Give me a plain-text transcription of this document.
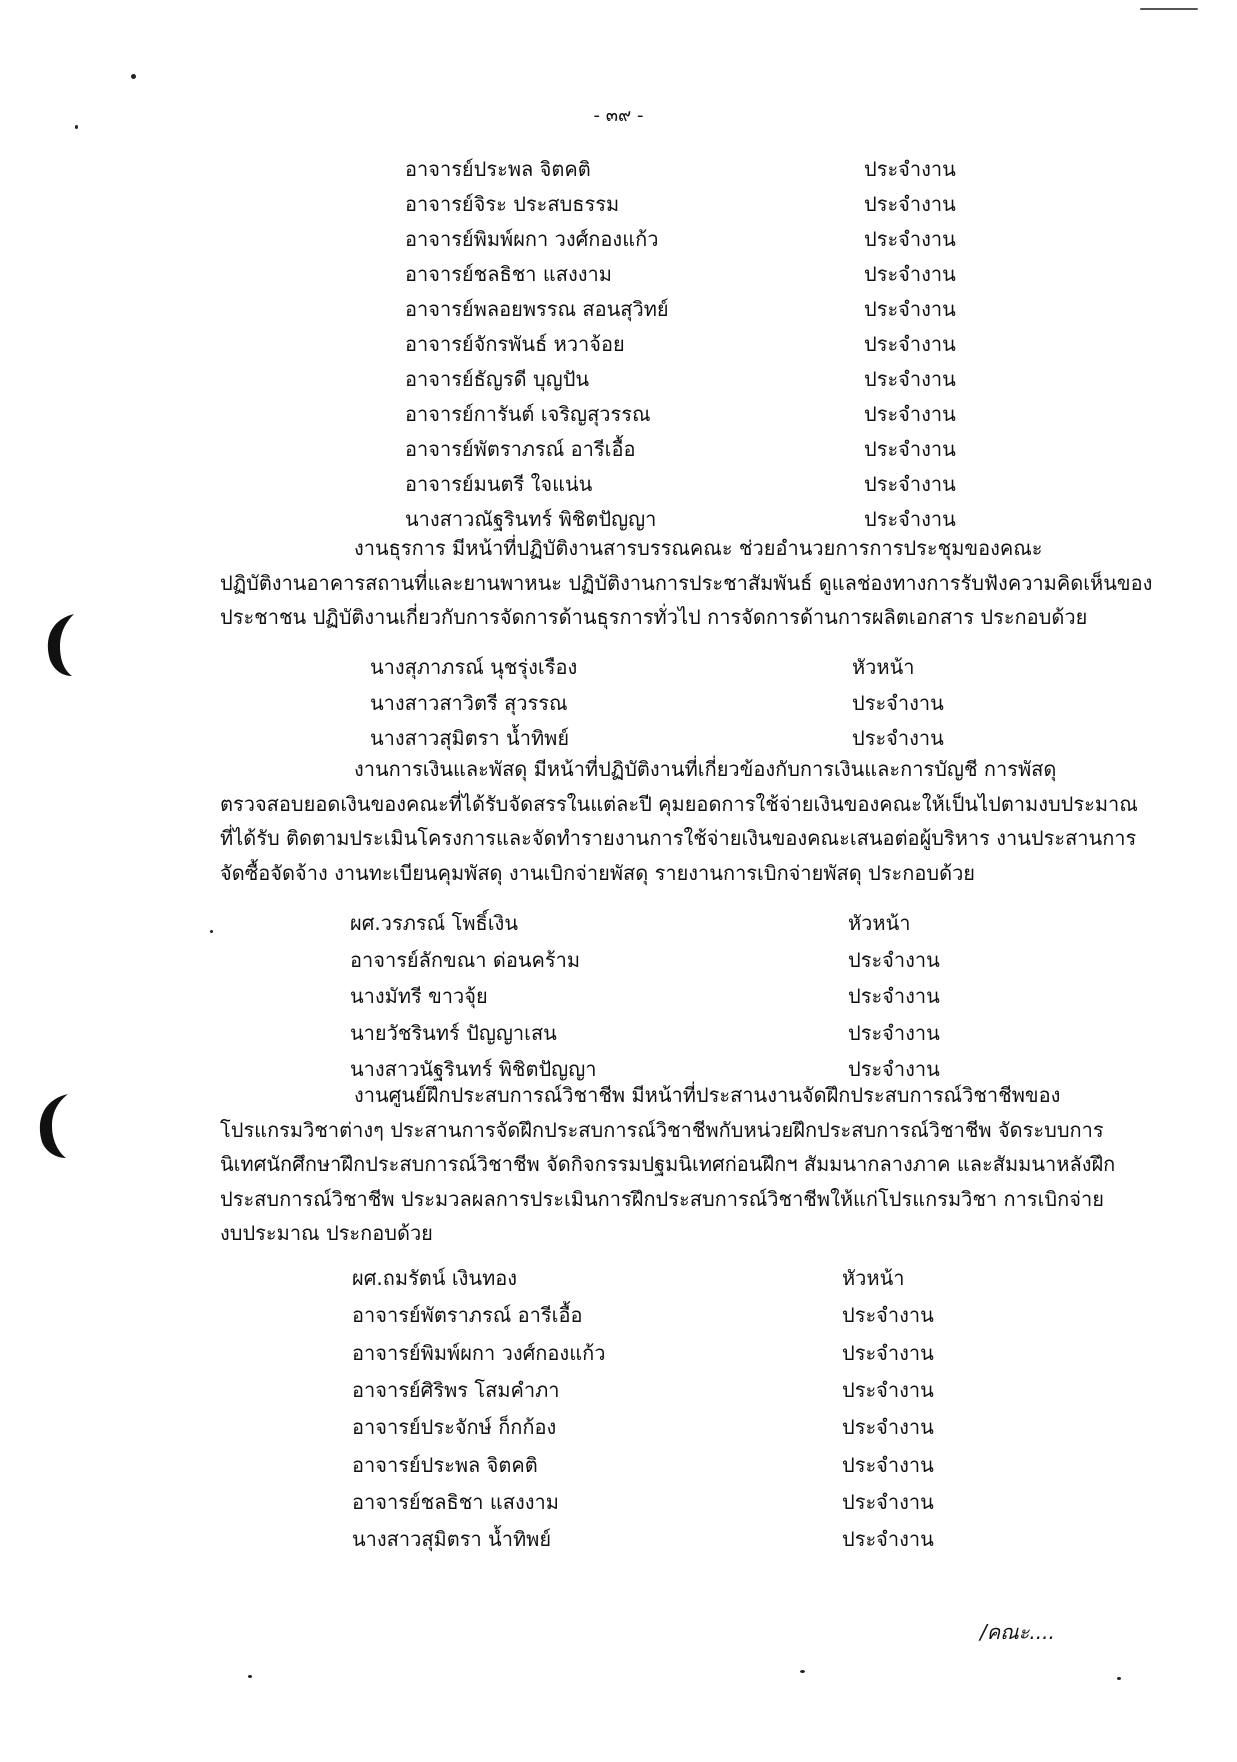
- ๓๙ -
อาจารย์ประพล จิตคติ	ประจำงาน
อาจารย์จิระ ประสบธรรม	ประจำงาน
อาจารย์พิมพ์ผกา วงศ์กองแก้ว	ประจำงาน
อาจารย์ชลธิชา แสงงาม	ประจำงาน
อาจารย์พลอยพรรณ สอนสุวิทย์	ประจำงาน
อาจารย์จักรพันธ์ หวาจ้อย	ประจำงาน
อาจารย์ธัญรดี บุญปัน	ประจำงาน
อาจารย์การันต์ เจริญสุวรรณ	ประจำงาน
อาจารย์พัตราภรณ์ อารีเอื้อ	ประจำงาน
อาจารย์มนตรี ใจแน่น	ประจำงาน
นางสาวณัฐรินทร์ พิชิตปัญญา	ประจำงาน
งานธุรการ มีหน้าที่ปฏิบัติงานสารบรรณคณะ ช่วยอำนวยการการประชุมของคณะ
ปฏิบัติงานอาคารสถานที่และยานพาหนะ ปฏิบัติงานการประชาสัมพันธ์ ดูแลช่องทางการรับฟังความคิดเห็นของ
ประชาชน ปฏิบัติงานเกี่ยวกับการจัดการด้านธุรการทั่วไป การจัดการด้านการผลิตเอกสาร ประกอบด้วย
นางสุภาภรณ์ นุชรุ่งเรือง	หัวหน้า
นางสาวสาวิตรี สุวรรณ	ประจำงาน
นางสาวสุมิตรา น้ำทิพย์	ประจำงาน
งานการเงินและพัสดุ มีหน้าที่ปฏิบัติงานที่เกี่ยวข้องกับการเงินและการบัญชี การพัสดุ
ตรวจสอบยอดเงินของคณะที่ได้รับจัดสรรในแต่ละปี คุมยอดการใช้จ่ายเงินของคณะให้เป็นไปตามงบประมาณ
ที่ได้รับ ติดตามประเมินโครงการและจัดทำรายงานการใช้จ่ายเงินของคณะเสนอต่อผู้บริหาร งานประสานการ
จัดซื้อจัดจ้าง งานทะเบียนคุมพัสดุ งานเบิกจ่ายพัสดุ รายงานการเบิกจ่ายพัสดุ ประกอบด้วย
ผศ.วรภรณ์ โพธิ์เงิน	หัวหน้า
อาจารย์ลักขณา ด่อนคร้าม	ประจำงาน
นางมัทรี ขาวจุ้ย	ประจำงาน
นายวัชรินทร์ ปัญญาเสน	ประจำงาน
นางสาวนัฐรินทร์ พิชิตปัญญา	ประจำงาน
งานศูนย์ฝึกประสบการณ์วิชาชีพ มีหน้าที่ประสานงานจัดฝึกประสบการณ์วิชาชีพของ
โปรแกรมวิชาต่างๆ ประสานการจัดฝึกประสบการณ์วิชาชีพกับหน่วยฝึกประสบการณ์วิชาชีพ จัดระบบการ
นิเทศนักศึกษาฝึกประสบการณ์วิชาชีพ จัดกิจกรรมปฐมนิเทศก่อนฝึกฯ สัมมนากลางภาค และสัมมนาหลังฝึก
ประสบการณ์วิชาชีพ ประมวลผลการประเมินการฝึกประสบการณ์วิชาชีพให้แก่โปรแกรมวิชา การเบิกจ่าย
งบประมาณ ประกอบด้วย
ผศ.ถมรัตน์ เงินทอง	หัวหน้า
อาจารย์พัตราภรณ์ อารีเอื้อ	ประจำงาน
อาจารย์พิมพ์ผกา วงศ์กองแก้ว	ประจำงาน
อาจารย์ศิริพร โสมคำภา	ประจำงาน
อาจารย์ประจักษ์ ก็กก้อง	ประจำงาน
อาจารย์ประพล จิตคติ	ประจำงาน
อาจารย์ชลธิชา แสงงาม	ประจำงาน
นางสาวสุมิตรา น้ำทิพย์	ประจำงาน
/คณะ....
